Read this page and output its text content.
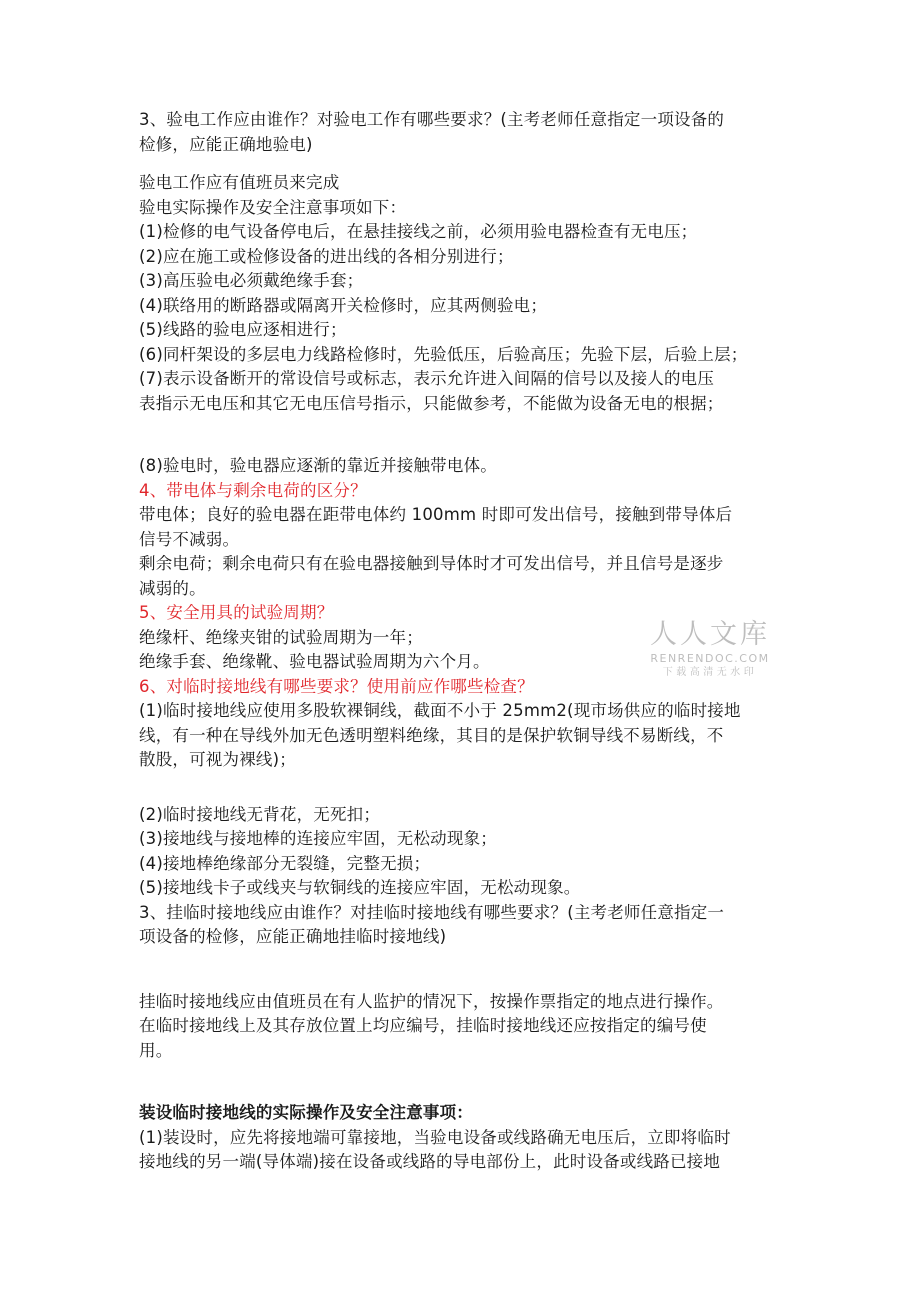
3、验电工作应由谁作？对验电工作有哪些要求？(主考老师任意指定一项设备的
检修，应能正确地验电)
验电工作应有值班员来完成
验电实际操作及安全注意事项如下：
(1)检修的电气设备停电后，在悬挂接线之前，必须用验电器检查有无电压；
(2)应在施工或检修设备的进出线的各相分别进行；
(3)高压验电必须戴绝缘手套；
(4)联络用的断路器或隔离开关检修时，应其两侧验电；
(5)线路的验电应逐相进行；
(6)同杆架设的多层电力线路检修时，先验低压，后验高压；先验下层，后验上层；
(7)表示设备断开的常设信号或标志，表示允许进入间隔的信号以及接人的电压
表指示无电压和其它无电压信号指示，只能做参考，不能做为设备无电的根据；
(8)验电时，验电器应逐渐的靠近并接触带电体。
4、带电体与剩余电荷的区分？
带电体；良好的验电器在距带电体约 100mm 时即可发出信号，接触到带导体后
信号不减弱。
剩余电荷；剩余电荷只有在验电器接触到导体时才可发出信号，并且信号是逐步
减弱的。
5、安全用具的试验周期？
绝缘杆、绝缘夹钳的试验周期为一年；
绝缘手套、绝缘靴、验电器试验周期为六个月。
6、对临时接地线有哪些要求？使用前应作哪些检查？
(1)临时接地线应使用多股软裸铜线，截面不小于 25mm2(现市场供应的临时接地
线，有一种在导线外加无色透明塑料绝缘，其目的是保护软铜导线不易断线，不
散股，可视为裸线)；
(2)临时接地线无背花，无死扣；
(3)接地线与接地棒的连接应牢固，无松动现象；
(4)接地棒绝缘部分无裂缝，完整无损；
(5)接地线卡子或线夹与软铜线的连接应牢固，无松动现象。
3、挂临时接地线应由谁作？对挂临时接地线有哪些要求？(主考老师任意指定一
项设备的检修，应能正确地挂临时接地线)
挂临时接地线应由值班员在有人监护的情况下，按操作票指定的地点进行操作。
在临时接地线上及其存放位置上均应编号，挂临时接地线还应按指定的编号使
用。
装设临时接地线的实际操作及安全注意事项：
(1)装设时，应先将接地端可靠接地，当验电设备或线路确无电压后，立即将临时
接地线的另一端(导体端)接在设备或线路的导电部份上，此时设备或线路已接地
人人文库
RENRENDOC.COM
下载高清无水印
